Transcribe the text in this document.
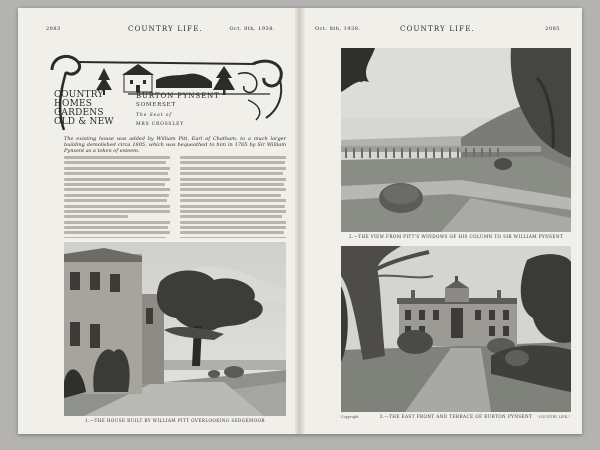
2083	COUNTRY LIFE.	Oct. 8th, 1938.
COUNTRY
HOMES
GARDENS
OLD & NEW
BURTON PYNSENT
SOMERSET
The Seat of
MRS CROSSLEY

The existing house was added by William Pitt, Earl of Chatham, to a much larger building demolished circa 1805, which was bequeathed to him in 1765 by Sir William Pynsent as a token of esteem.

1.—THE HOUSE BUILT BY WILLIAM PITT OVERLOOKING SEDGEMOOR
Oct. 8th, 1938.	COUNTRY LIFE.	2085
2.—THE VIEW FROM PITT'S WINDOWS OF HIS COLUMN TO SIR WILLIAM PYNSENT
Copyright	3.—THE EAST FRONT AND TERRACE OF BURTON PYNSENT	"COUNTRY LIFE."
